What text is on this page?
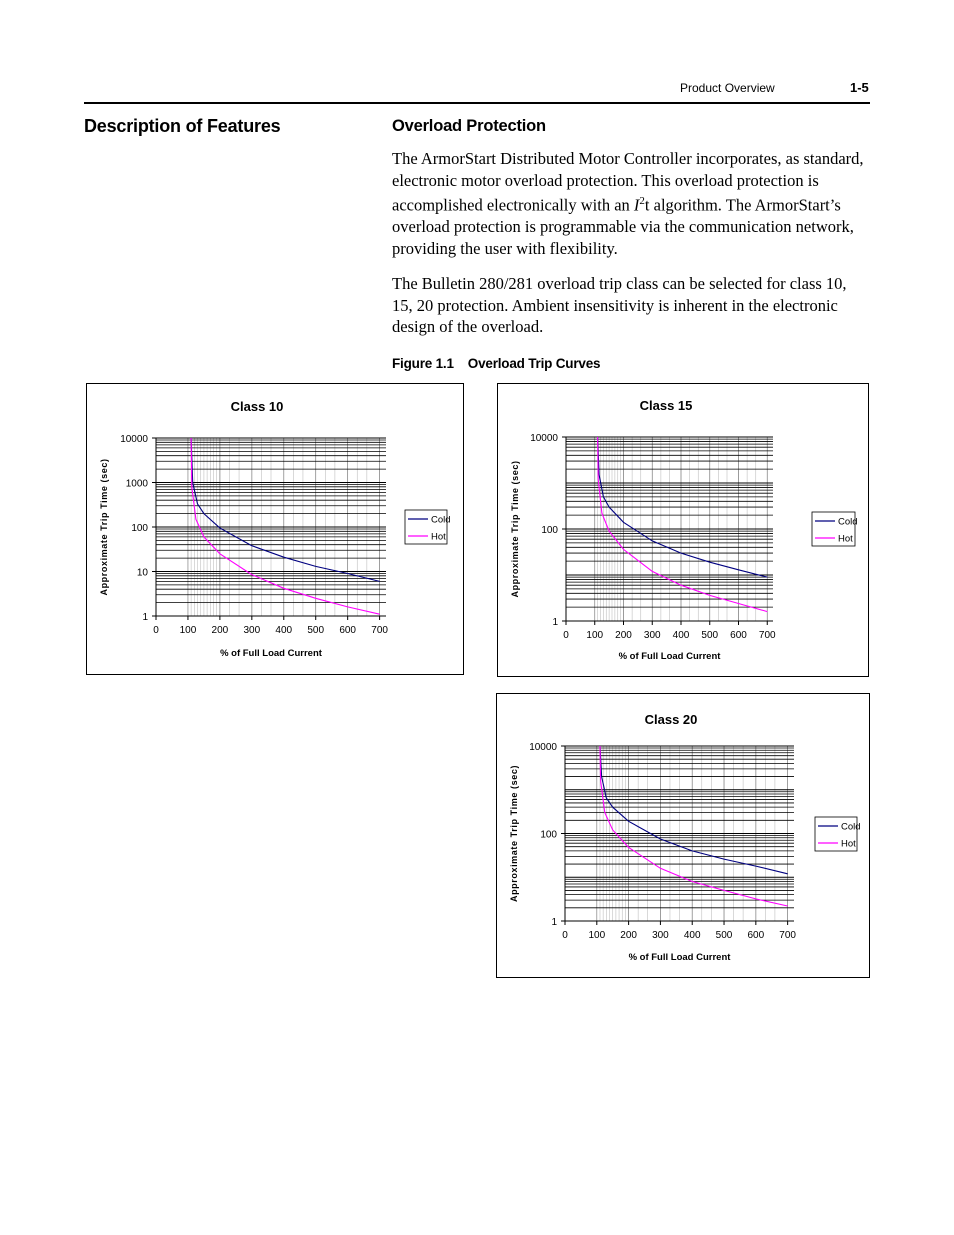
Product Overview	1-5
Description of Features	Overload Protection
The ArmorStart Distributed Motor Controller incorporates, as standard, electronic motor overload protection. This overload protection is accomplished electronically with an $I^2t$ algorithm. The ArmorStart’s overload protection is programmable via the communication network, providing the user with flexibility.
The Bulletin 280/281 overload trip class can be selected for class 10, 15, 20 protection. Ambient insensitivity is inherent in the electronic design of the overload.
Figure 1.1 Overload Trip Curves
0 100 200 300 400 500 600 700
1
10
100
1000
10000
Class 10
% of Full Load Current
Approximate Trip Time (sec)	Cold
Hot
0 100 200 300 400 500 600 700
1
100
10000
Class 15
% of Full Load Current
Approximate Trip Time (sec)	Cold
Hot
0 100 200 300 400 500 600 700
1
100
10000
Class 20
% of Full Load Current
Approximate Trip Time (sec)	Cold
Hot
